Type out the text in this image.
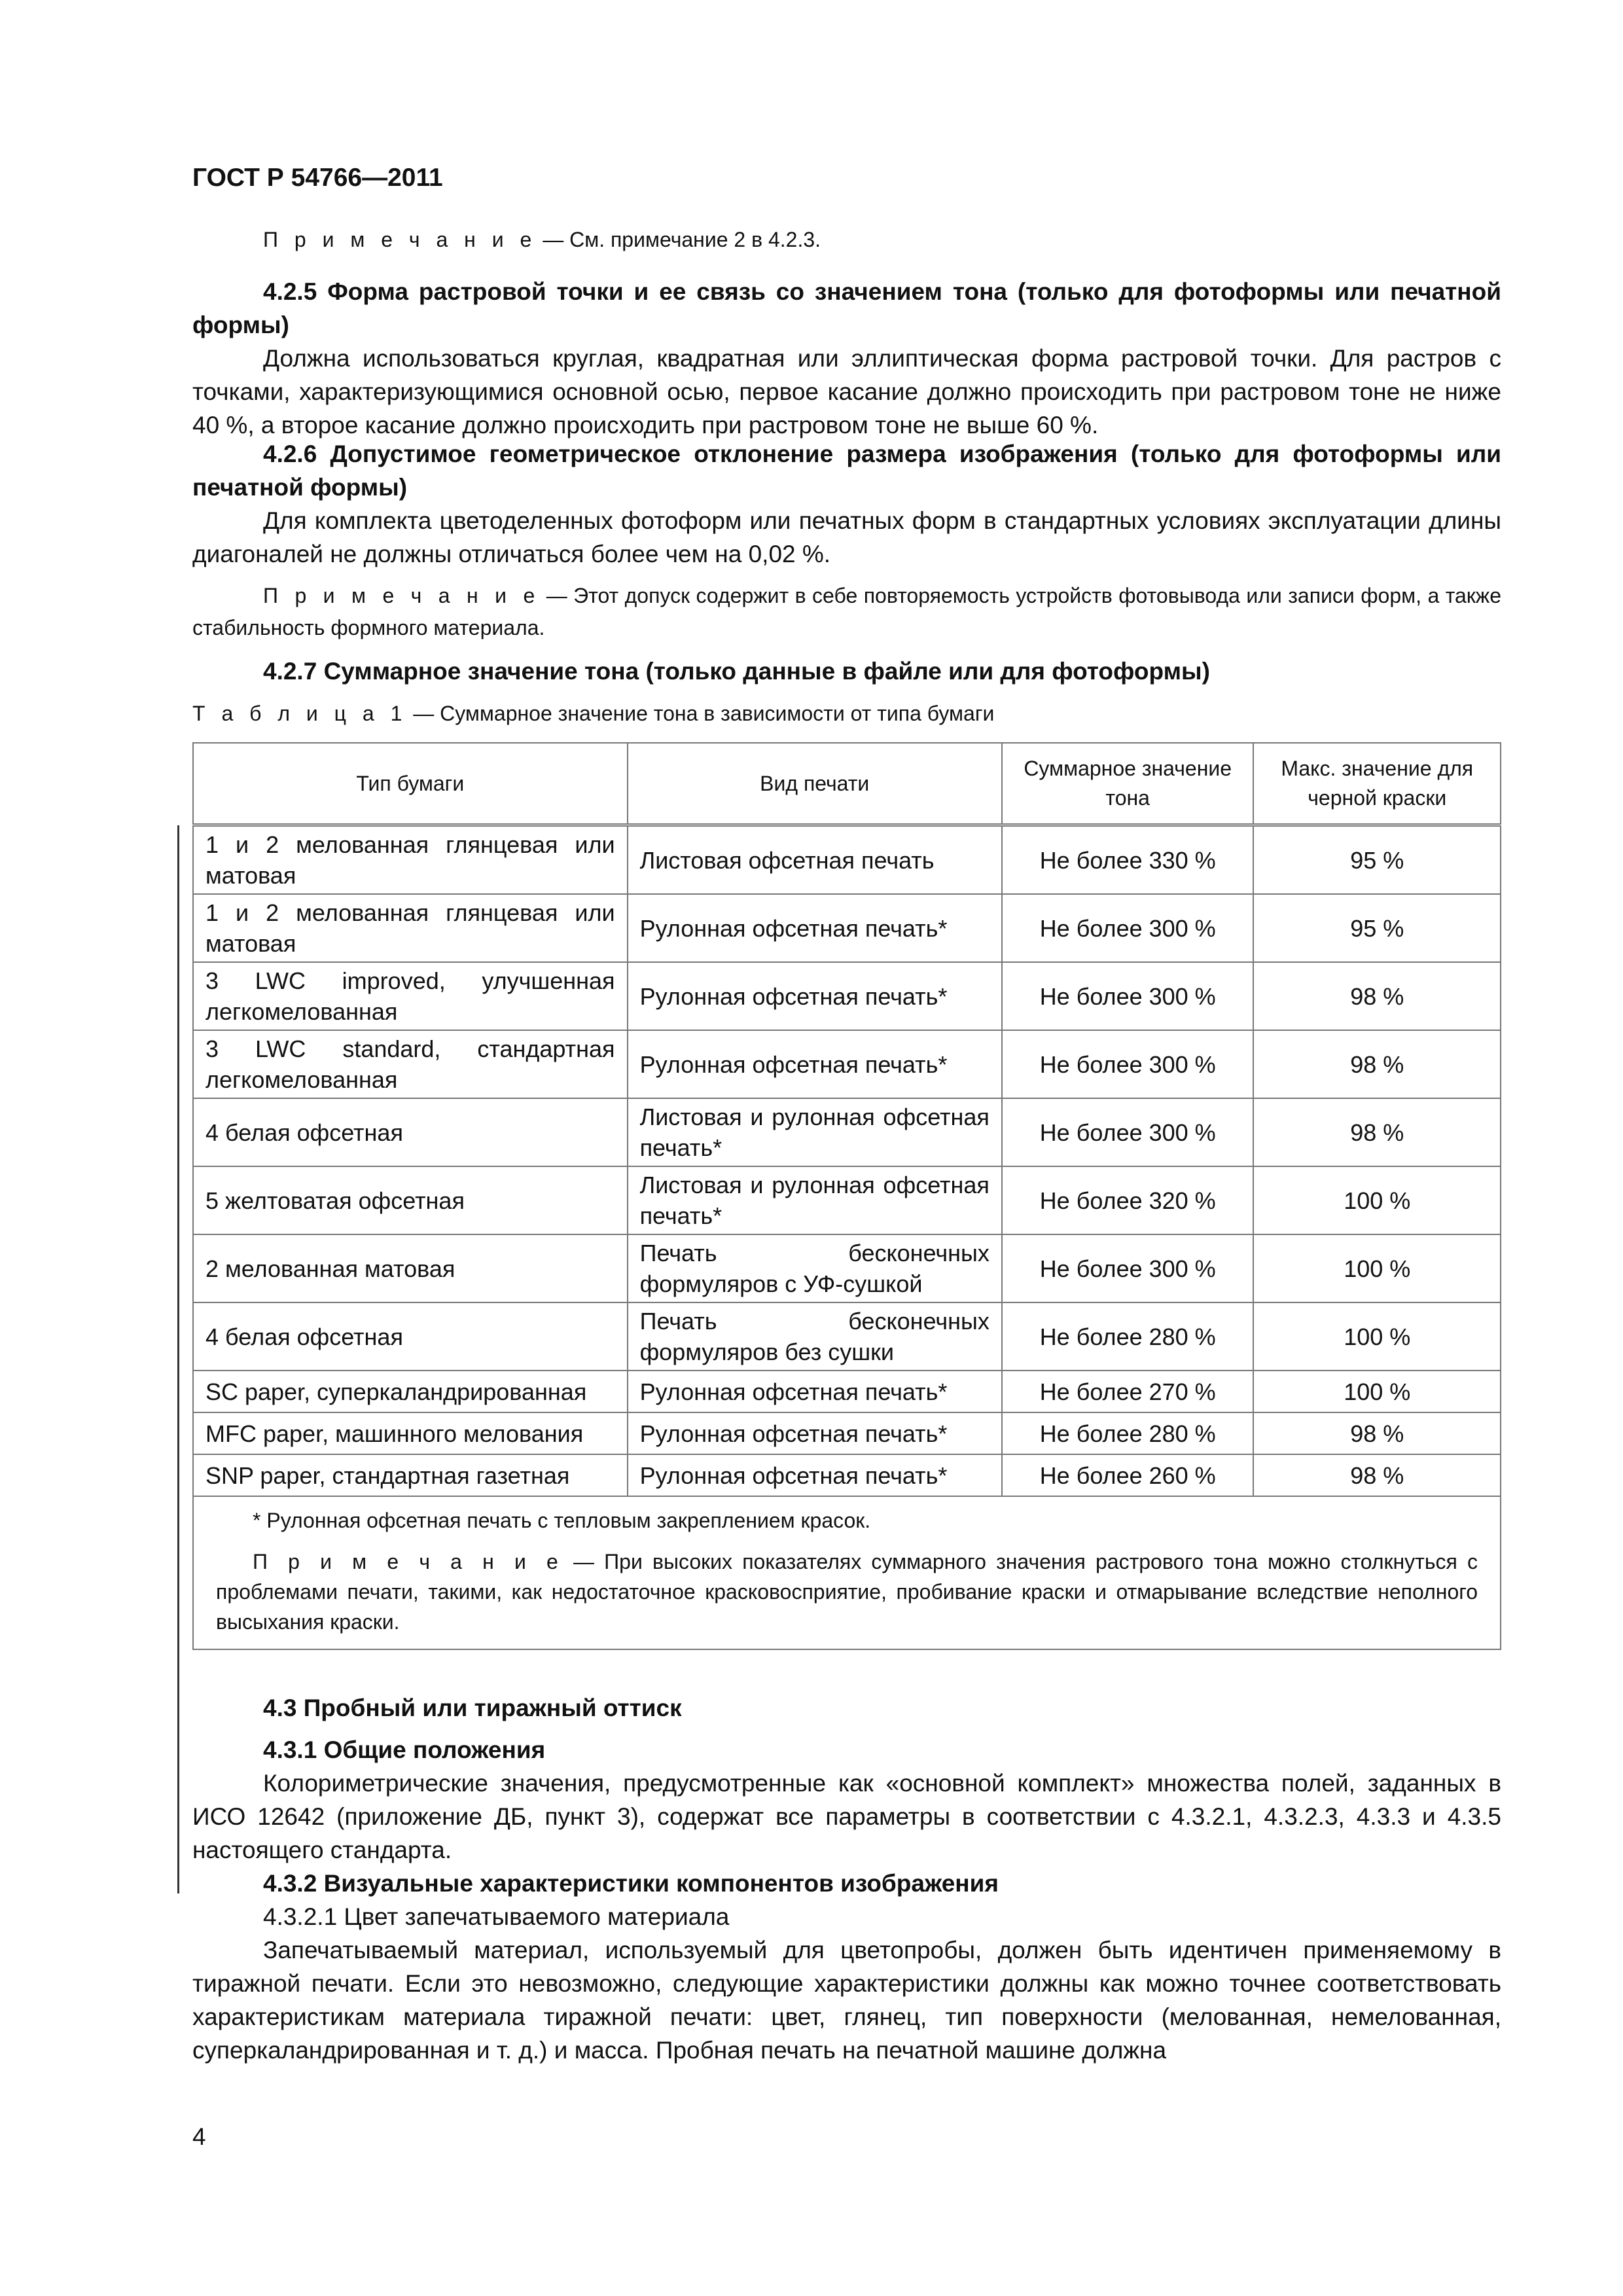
ГОСТ Р 54766—2011
П р и м е ч а н и е — См. примечание 2 в 4.2.3.
4.2.5 Форма растровой точки и ее связь со значением тона (только для фотоформы или печатной формы)
Должна использоваться круглая, квадратная или эллиптическая форма растровой точки. Для растров с точками, характеризующимися основной осью, первое касание должно происходить при растровом тоне не ниже 40 %, а второе касание должно происходить при растровом тоне не выше 60 %.
4.2.6 Допустимое геометрическое отклонение размера изображения (только для фотоформы или печатной формы)
Для комплекта цветоделенных фотоформ или печатных форм в стандартных условиях эксплуатации длины диагоналей не должны отличаться более чем на 0,02 %.
П р и м е ч а н и е — Этот допуск содержит в себе повторяемость устройств фотовывода или записи форм, а также стабильность формного материала.
4.2.7 Суммарное значение тона (только данные в файле или для фотоформы)
Т а б л и ц а 1 — Суммарное значение тона в зависимости от типа бумаги
Тип бумаги	Вид печати	Суммарное значение тона	Макс. значение для черной краски
1 и 2 мелованная глянцевая или матовая	Листовая офсетная печать	Не более 330 %	95 %
1 и 2 мелованная глянцевая или матовая	Рулонная офсетная печать*	Не более 300 %	95 %
3 LWC improved, улучшенная легкомелованная	Рулонная офсетная печать*	Не более 300 %	98 %
3 LWC standard, стандартная легкомелованная	Рулонная офсетная печать*	Не более 300 %	98 %
4 белая офсетная	Листовая и рулонная офсетная печать*	Не более 300 %	98 %
5 желтоватая офсетная	Листовая и рулонная офсетная печать*	Не более 320 %	100 %
2 мелованная матовая	Печать бесконечных формуляров с УФ-сушкой	Не более 300 %	100 %
4 белая офсетная	Печать бесконечных формуляров без сушки	Не более 280 %	100 %
SC paper, суперкаландрированная	Рулонная офсетная печать*	Не более 270 %	100 %
MFC paper, машинного мелования	Рулонная офсетная печать*	Не более 280 %	98 %
SNP paper, стандартная газетная	Рулонная офсетная печать*	Не более 260 %	98 %

* Рулонная офсетная печать с тепловым закреплением красок.
П р и м е ч а н и е — При высоких показателях суммарного значения растрового тона можно столкнуться с проблемами печати, такими, как недостаточное красковосприятие, пробивание краски и отмарывание вследствие неполного высыхания краски.			
4.3 Пробный или тиражный оттиск
4.3.1 Общие положения
Колориметрические значения, предусмотренные как «основной комплект» множества полей, заданных в ИСО 12642 (приложение ДБ, пункт 3), содержат все параметры в соответствии с 4.3.2.1, 4.3.2.3, 4.3.3 и 4.3.5 настоящего стандарта.
4.3.2 Визуальные характеристики компонентов изображения
4.3.2.1 Цвет запечатываемого материала
Запечатываемый материал, используемый для цветопробы, должен быть идентичен применяемому в тиражной печати. Если это невозможно, следующие характеристики должны как можно точнее соответствовать характеристикам материала тиражной печати: цвет, глянец, тип поверхности (мелованная, немелованная, суперкаландрированная и т. д.) и масса. Пробная печать на печатной машине должна
4
